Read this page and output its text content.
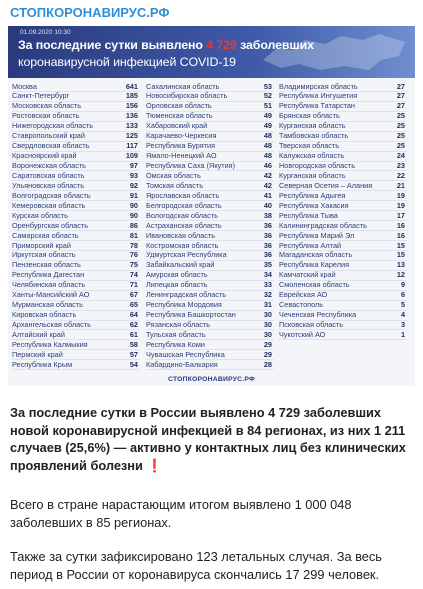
СТОПКОРОНАВИРУС.РФ
01.09.2020 10:30
За последние сутки выявлено 4 729 заболевших
коронавирусной инфекцией COVID-19
Москва	641
Санкт-Петербург	185
Московская область	156
Ростовская область	136
Нижегородская область	133
Ставропольский край	125
Свердловская область	117
Красноярский край	109
Воронежская область	97
Саратовская область	93
Ульяновская область	92
Волгоградская область	91
Кемеровская область	90
Курская область	90
Оренбургская область	86
Самарская область	81
Приморский край	78
Иркутская область	76
Пензенская область	75
Республика Дагестан	74
Челябинская область	71
Ханты-Мансийский АО	67
Мурманская область	65
Кировская область	64
Архангельская область	62
Алтайский край	61
Республика Калмыкия	58
Пермский край	57
Республика Крым	54
Сахалинская область	53
Новосибирская область	52
Орловская область	51
Тюменская область	49
Хабаровский край	49
Карачаево-Черкесия	48
Республика Бурятия	48
Ямало-Ненецкий АО	48
Республика Саха (Якутия)	46
Омская область	42
Томская область	42
Ярославская область	41
Белгородская область	40
Вологодская область	38
Астраханская область	36
Ивановская область	36
Костромская область	36
Удмуртская Республика	36
Забайкальский край	35
Амурская область	34
Липецкая область	33
Ленинградская область	32
Республика Мордовия	31
Республика Башкортостан	30
Рязанская область	30
Тульская область	30
Республика Коми	29
Чувашская Республика	29
Кабардино-Балкария	28
Владимирская область	27
Республика Ингушетия	27
Республика Татарстан	27
Брянская область	25
Курганская область	25
Тамбовская область	25
Тверская область	25
Калужская область	24
Новгородская область	23
Курганская область	22
Северная Осетия – Алания	21
Республика Адыгея	19
Республика Хакасия	19
Республика Тыва	17
Калининградская область	16
Республика Марий Эл	16
Республика Алтай	15
Магаданская область	15
Республика Карелия	13
Камчатский край	12
Смоленская область	9
Еврейская АО	6
Севастополь	5
Чеченская Республика	4
Псковская область	3
Чукотский АО	1
СТОПКОРОНАВИРУС.РФ
За последние сутки в России выявлено 4 729 заболевших новой коронавирусной инфекцией в 84 регионах, из них 1 211 случаев (25,6%) — активно у контактных лиц без клинических проявлений болезни ❗
Всего в стране нарастающим итогом выявлено 1 000 048 заболевших в 85 регионах.
Также за сутки зафиксировано 123 летальных случая. За весь период в России от коронавируса скончались 17 299 человек.
